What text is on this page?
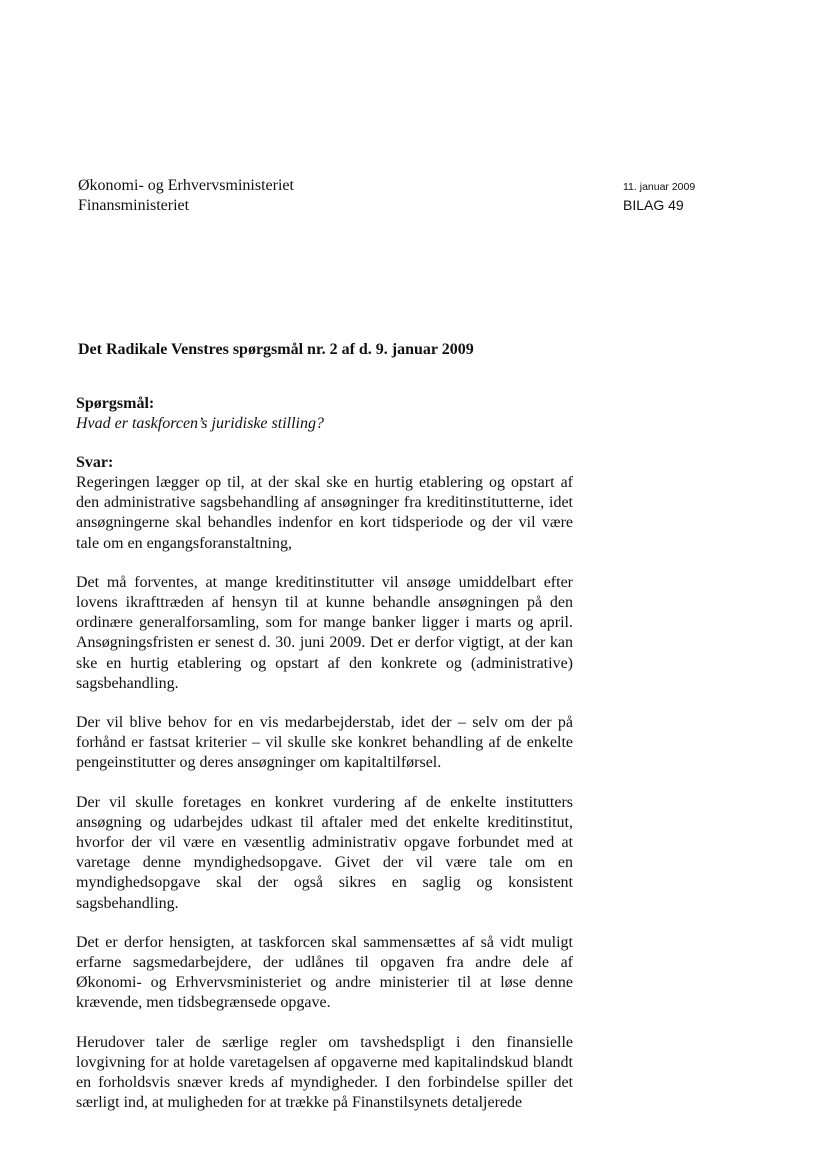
Økonomi- og Erhvervsministeriet
Finansministeriet
11. januar 2009
BILAG 49
Det Radikale Venstres spørgsmål nr. 2 af d. 9. januar 2009
Spørgsmål:
Hvad er taskforcen’s juridiske stilling?
Svar:

Regeringen lægger op til, at der skal ske en hurtig etablering og opstart af den administrative sagsbehandling af ansøgninger fra kreditinstitutterne, idet ansøgningerne skal behandles indenfor en kort tidsperiode og der vil være tale om en engangsforanstaltning,

Det må forventes, at mange kreditinstitutter vil ansøge umiddelbart efter lovens ikrafttræden af hensyn til at kunne behandle ansøgningen på den ordinære generalforsamling, som for mange banker ligger i marts og april. Ansøgningsfristen er senest d. 30. juni 2009. Det er derfor vigtigt, at der kan ske en hurtig etablering og opstart af den konkrete og (administrative) sagsbehandling.

Der vil blive behov for en vis medarbejderstab, idet der – selv om der på forhånd er fastsat kriterier – vil skulle ske konkret behandling af de enkelte pengeinstitutter og deres ansøgninger om kapitaltilførsel.

Der vil skulle foretages en konkret vurdering af de enkelte institutters ansøgning og udarbejdes udkast til aftaler med det enkelte kreditinstitut, hvorfor der vil være en væsentlig administrativ opgave forbundet med at varetage denne myndighedsopgave. Givet der vil være tale om en myndighedsopgave skal der også sikres en saglig og konsistent sagsbehandling.

Det er derfor hensigten, at taskforcen skal sammensættes af så vidt muligt erfarne sagsmedarbejdere, der udlånes til opgaven fra andre dele af Økonomi- og Erhvervsministeriet og andre ministerier til at løse denne krævende, men tidsbegrænsede opgave.

Herudover taler de særlige regler om tavshedspligt i den finansielle lovgivning for at holde varetagelsen af opgaverne med kapitalindskud blandt en forholdsvis snæver kreds af myndigheder. I den forbindelse spiller det særligt ind, at muligheden for at trække på Finanstilsynets detaljerede
